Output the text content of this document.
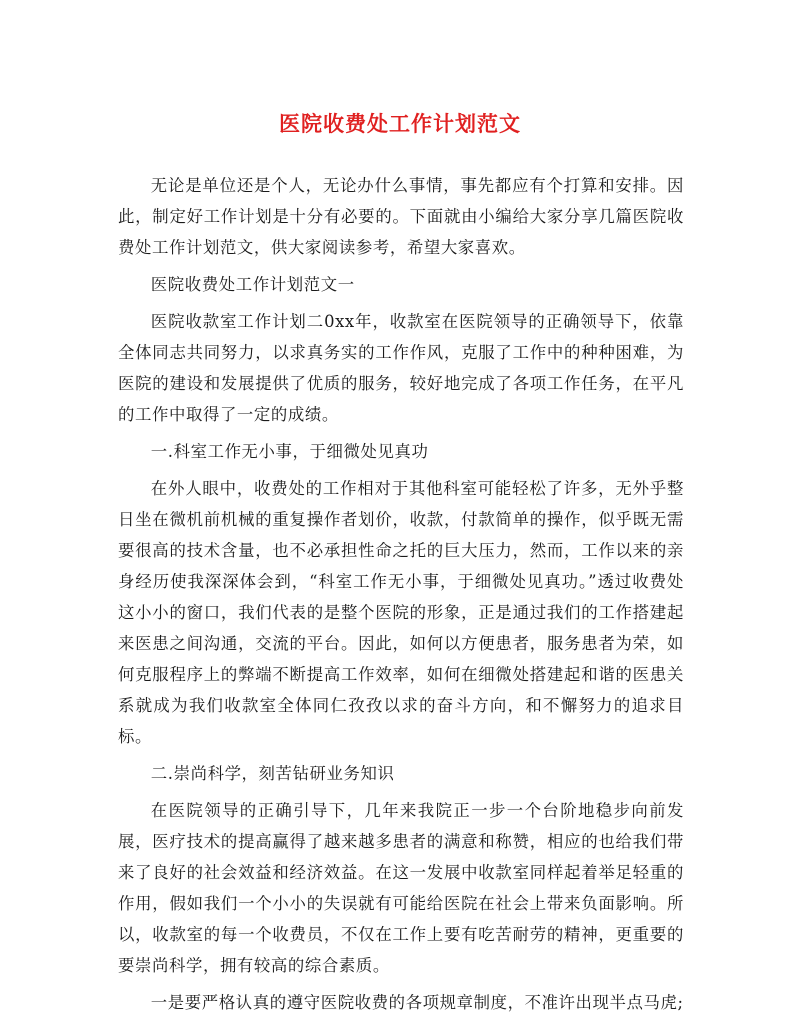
医院收费处工作计划范文

无论是单位还是个人，无论办什么事情，事先都应有个打算和安排。因此，制定好工作计划是十分有必要的。下面就由小编给大家分享几篇医院收费处工作计划范文，供大家阅读参考，希望大家喜欢。

医院收费处工作计划范文一

医院收款室工作计划二0xx年，收款室在医院领导的正确领导下，依靠全体同志共同努力，以求真务实的工作作风，克服了工作中的种种困难，为医院的建设和发展提供了优质的服务，较好地完成了各项工作任务，在平凡的工作中取得了一定的成绩。

一.科室工作无小事，于细微处见真功

在外人眼中，收费处的工作相对于其他科室可能轻松了许多，无外乎整日坐在微机前机械的重复操作者划价，收款，付款简单的操作，似乎既无需要很高的技术含量，也不必承担性命之托的巨大压力，然而，工作以来的亲身经历使我深深体会到，“科室工作无小事，于细微处见真功。”透过收费处这小小的窗口，我们代表的是整个医院的形象，正是通过我们的工作搭建起来医患之间沟通，交流的平台。因此，如何以方便患者，服务患者为荣，如何克服程序上的弊端不断提高工作效率，如何在细微处搭建起和谐的医患关系就成为我们收款室全体同仁孜孜以求的奋斗方向，和不懈努力的追求目标。

二.崇尚科学，刻苦钻研业务知识

在医院领导的正确引导下，几年来我院正一步一个台阶地稳步向前发展，医疗技术的提高赢得了越来越多患者的满意和称赞，相应的也给我们带来了良好的社会效益和经济效益。在这一发展中收款室同样起着举足轻重的作用，假如我们一个小小的失误就有可能给医院在社会上带来负面影响。所以，收款室的每一个收费员，不仅在工作上要有吃苦耐劳的精神，更重要的要崇尚科学，拥有较高的综合素质。

一是要严格认真的遵守医院收费的各项规章制度，不准许出现半点马虎;
